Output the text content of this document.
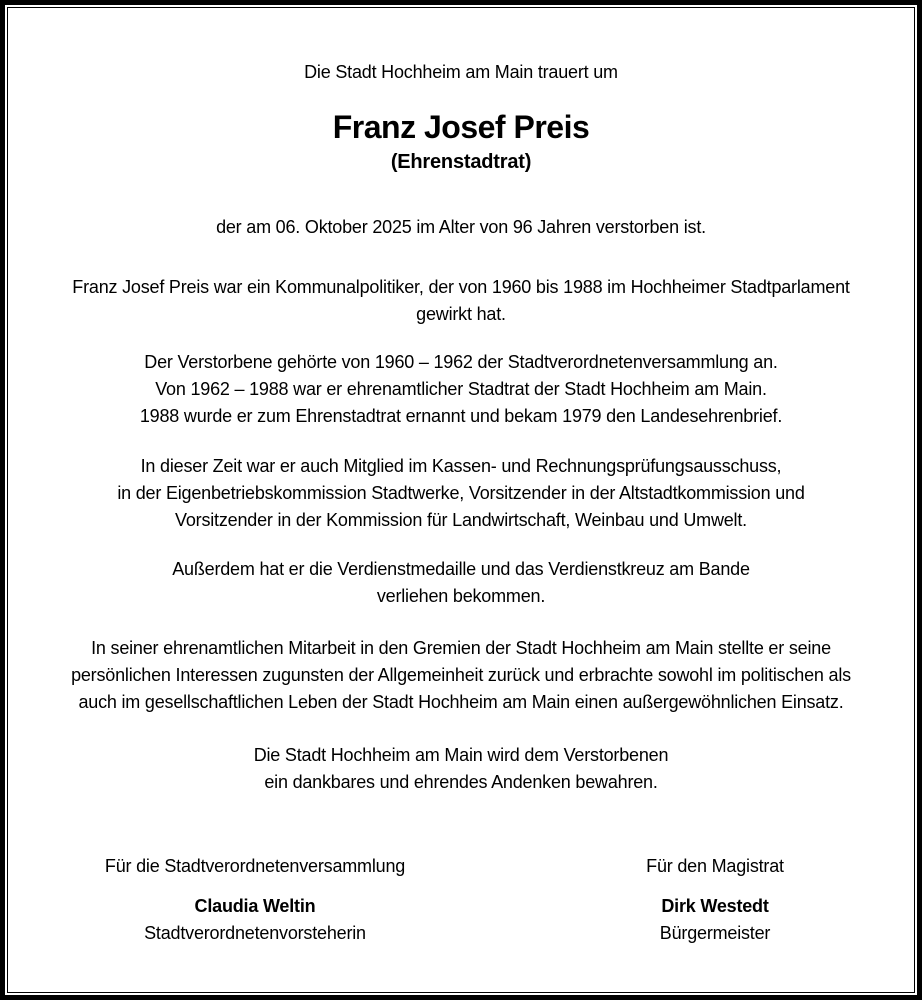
Die Stadt Hochheim am Main trauert um
Franz Josef Preis
(Ehrenstadtrat)
der am 06. Oktober 2025 im Alter von 96 Jahren verstorben ist.
Franz Josef Preis war ein Kommunalpolitiker, der von 1960 bis 1988 im Hochheimer Stadtparlament
gewirkt hat.
Der Verstorbene gehörte von 1960 – 1962 der Stadtverordnetenversammlung an.
Von 1962 – 1988 war er ehrenamtlicher Stadtrat der Stadt Hochheim am Main.
1988 wurde er zum Ehrenstadtrat ernannt und bekam 1979 den Landesehrenbrief.
In dieser Zeit war er auch Mitglied im Kassen- und Rechnungsprüfungsausschuss,
in der Eigenbetriebskommission Stadtwerke, Vorsitzender in der Altstadtkommission und
Vorsitzender in der Kommission für Landwirtschaft, Weinbau und Umwelt.
Außerdem hat er die Verdienstmedaille und das Verdienstkreuz am Bande
verliehen bekommen.
In seiner ehrenamtlichen Mitarbeit in den Gremien der Stadt Hochheim am Main stellte er seine
persönlichen Interessen zugunsten der Allgemeinheit zurück und erbrachte sowohl im politischen als
auch im gesellschaftlichen Leben der Stadt Hochheim am Main einen außergewöhnlichen Einsatz.
Die Stadt Hochheim am Main wird dem Verstorbenen
ein dankbares und ehrendes Andenken bewahren.
Für die Stadtverordnetenversammlung
Claudia Weltin
Stadtverordnetenvorsteherin
Für den Magistrat
Dirk Westedt
Bürgermeister
